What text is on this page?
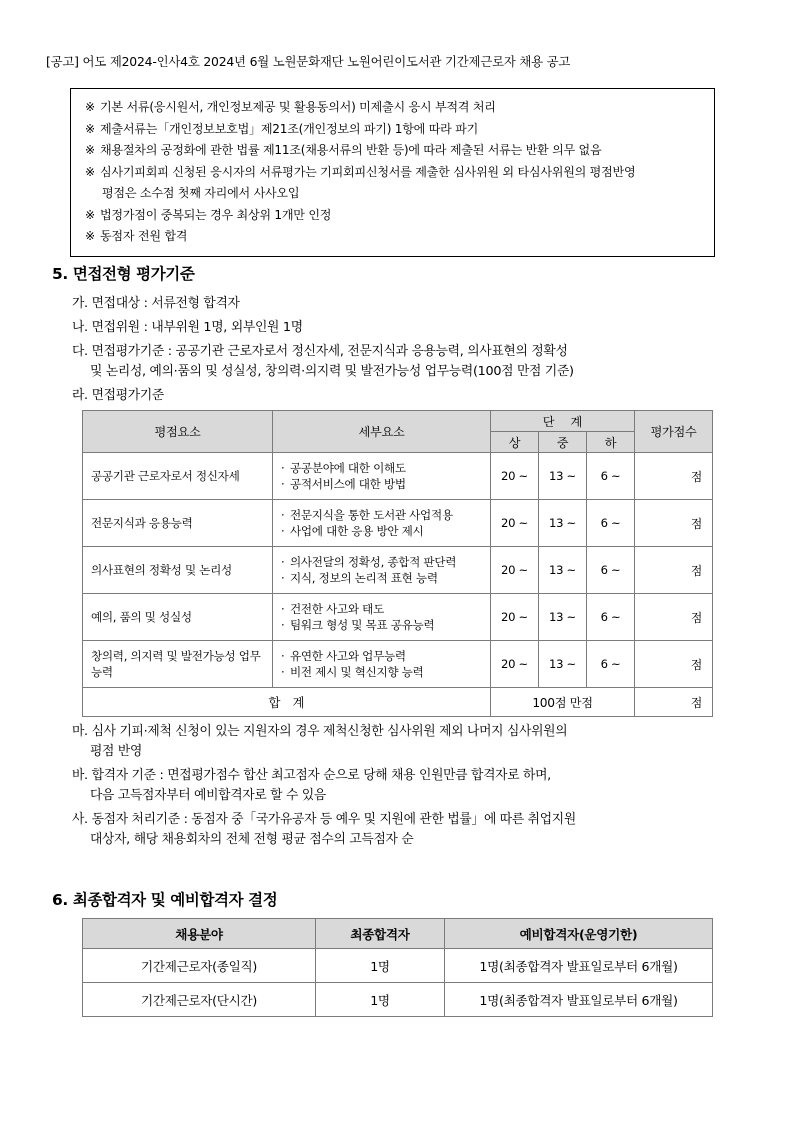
[공고] 어도 제2024-인사4호 2024년 6월 노원문화재단 노원어린이도서관 기간제근로자 채용 공고
※ 기본 서류(응시원서, 개인정보제공 및 활용동의서) 미제출시 응시 부적격 처리
※ 제출서류는「개인정보보호법」제21조(개인정보의 파기) 1항에 따라 파기
※ 채용절차의 공정화에 관한 법률 제11조(채용서류의 반환 등)에 따라 제출된 서류는 반환 의무 없음
※ 심사기피회피 신청된 응시자의 서류평가는 기피회피신청서를 제출한 심사위원 외 타심사위원의 평점반영
평점은 소수점 첫째 자리에서 사사오입
※ 법정가점이 중복되는 경우 최상위 1개만 인정
※ 동점자 전원 합격
5. 면접전형 평가기준
가. 면접대상 : 서류전형 합격자
나. 면접위원 : 내부위원 1명, 외부인원 1명
다. 면접평가기준 : 공공기관 근로자로서 정신자세, 전문지식과 응용능력, 의사표현의 정확성
및 논리성, 예의·품의 및 성실성, 창의력·의지력 및 발전가능성 업무능력(100점 만점 기준)
라. 면접평가기준
평점요소	세부요소	단 계			평가점수
		상	중	하	
공공기관 근로자로서 정신자세	· 공공분야에 대한 이해도
· 공적서비스에 대한 방법	20 ~	13 ~	6 ~	점
전문지식과 응용능력	· 전문지식을 통한 도서관 사업적용
· 사업에 대한 응용 방안 제시	20 ~	13 ~	6 ~	점
의사표현의 정확성 및 논리성	· 의사전달의 정확성, 종합적 판단력
· 지식, 정보의 논리적 표현 능력	20 ~	13 ~	6 ~	점
예의, 품의 및 성실성	· 건전한 사고와 태도
· 팀워크 형성 및 목표 공유능력	20 ~	13 ~	6 ~	점
창의력, 의지력 및 발전가능성 업무능력	· 유연한 사고와 업무능력
· 비전 제시 및 혁신지향 능력	20 ~	13 ~	6 ~	점
합 계		100점 만점			점
마. 심사 기피·제척 신청이 있는 지원자의 경우 제척신청한 심사위원 제외 나머지 심사위원의
평점 반영
바. 합격자 기준 : 면접평가점수 합산 최고점자 순으로 당해 채용 인원만큼 합격자로 하며,
다음 고득점자부터 예비합격자로 할 수 있음
사. 동점자 처리기준 : 동점자 중「국가유공자 등 예우 및 지원에 관한 법률」에 따른 취업지원
대상자, 해당 채용회차의 전체 전형 평균 점수의 고득점자 순
6. 최종합격자 및 예비합격자 결정
채용분야	최종합격자	예비합격자(운영기한)
기간제근로자(종일직)	1명	1명(최종합격자 발표일로부터 6개월)
기간제근로자(단시간)	1명	1명(최종합격자 발표일로부터 6개월)
